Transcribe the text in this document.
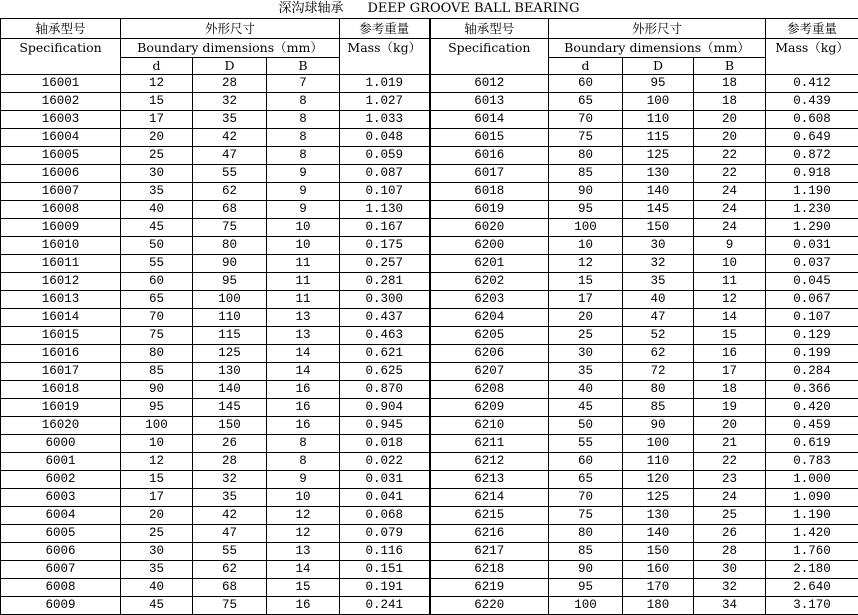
深沟球轴承 DEEP GROOVE BALL BEARING
轴承型号	外形尺寸			参考重量	轴承型号	外形尺寸			参考重量
Specification	Boundary dimensions（mm）			Mass（kg）	Specification	Boundary dimensions（mm）			Mass（kg）
	d	D	B			d	D	B	
16001	12	28	7	1.019	6012	60	95	18	0.412
16002	15	32	8	1.027	6013	65	100	18	0.439
16003	17	35	8	1.033	6014	70	110	20	0.608
16004	20	42	8	0.048	6015	75	115	20	0.649
16005	25	47	8	0.059	6016	80	125	22	0.872
16006	30	55	9	0.087	6017	85	130	22	0.918
16007	35	62	9	0.107	6018	90	140	24	1.190
16008	40	68	9	1.130	6019	95	145	24	1.230
16009	45	75	10	0.167	6020	100	150	24	1.290
16010	50	80	10	0.175	6200	10	30	9	0.031
16011	55	90	11	0.257	6201	12	32	10	0.037
16012	60	95	11	0.281	6202	15	35	11	0.045
16013	65	100	11	0.300	6203	17	40	12	0.067
16014	70	110	13	0.437	6204	20	47	14	0.107
16015	75	115	13	0.463	6205	25	52	15	0.129
16016	80	125	14	0.621	6206	30	62	16	0.199
16017	85	130	14	0.625	6207	35	72	17	0.284
16018	90	140	16	0.870	6208	40	80	18	0.366
16019	95	145	16	0.904	6209	45	85	19	0.420
16020	100	150	16	0.945	6210	50	90	20	0.459
6000	10	26	8	0.018	6211	55	100	21	0.619
6001	12	28	8	0.022	6212	60	110	22	0.783
6002	15	32	9	0.031	6213	65	120	23	1.000
6003	17	35	10	0.041	6214	70	125	24	1.090
6004	20	42	12	0.068	6215	75	130	25	1.190
6005	25	47	12	0.079	6216	80	140	26	1.420
6006	30	55	13	0.116	6217	85	150	28	1.760
6007	35	62	14	0.151	6218	90	160	30	2.180
6008	40	68	15	0.191	6219	95	170	32	2.640
6009	45	75	16	0.241	6220	100	180	34	3.170
